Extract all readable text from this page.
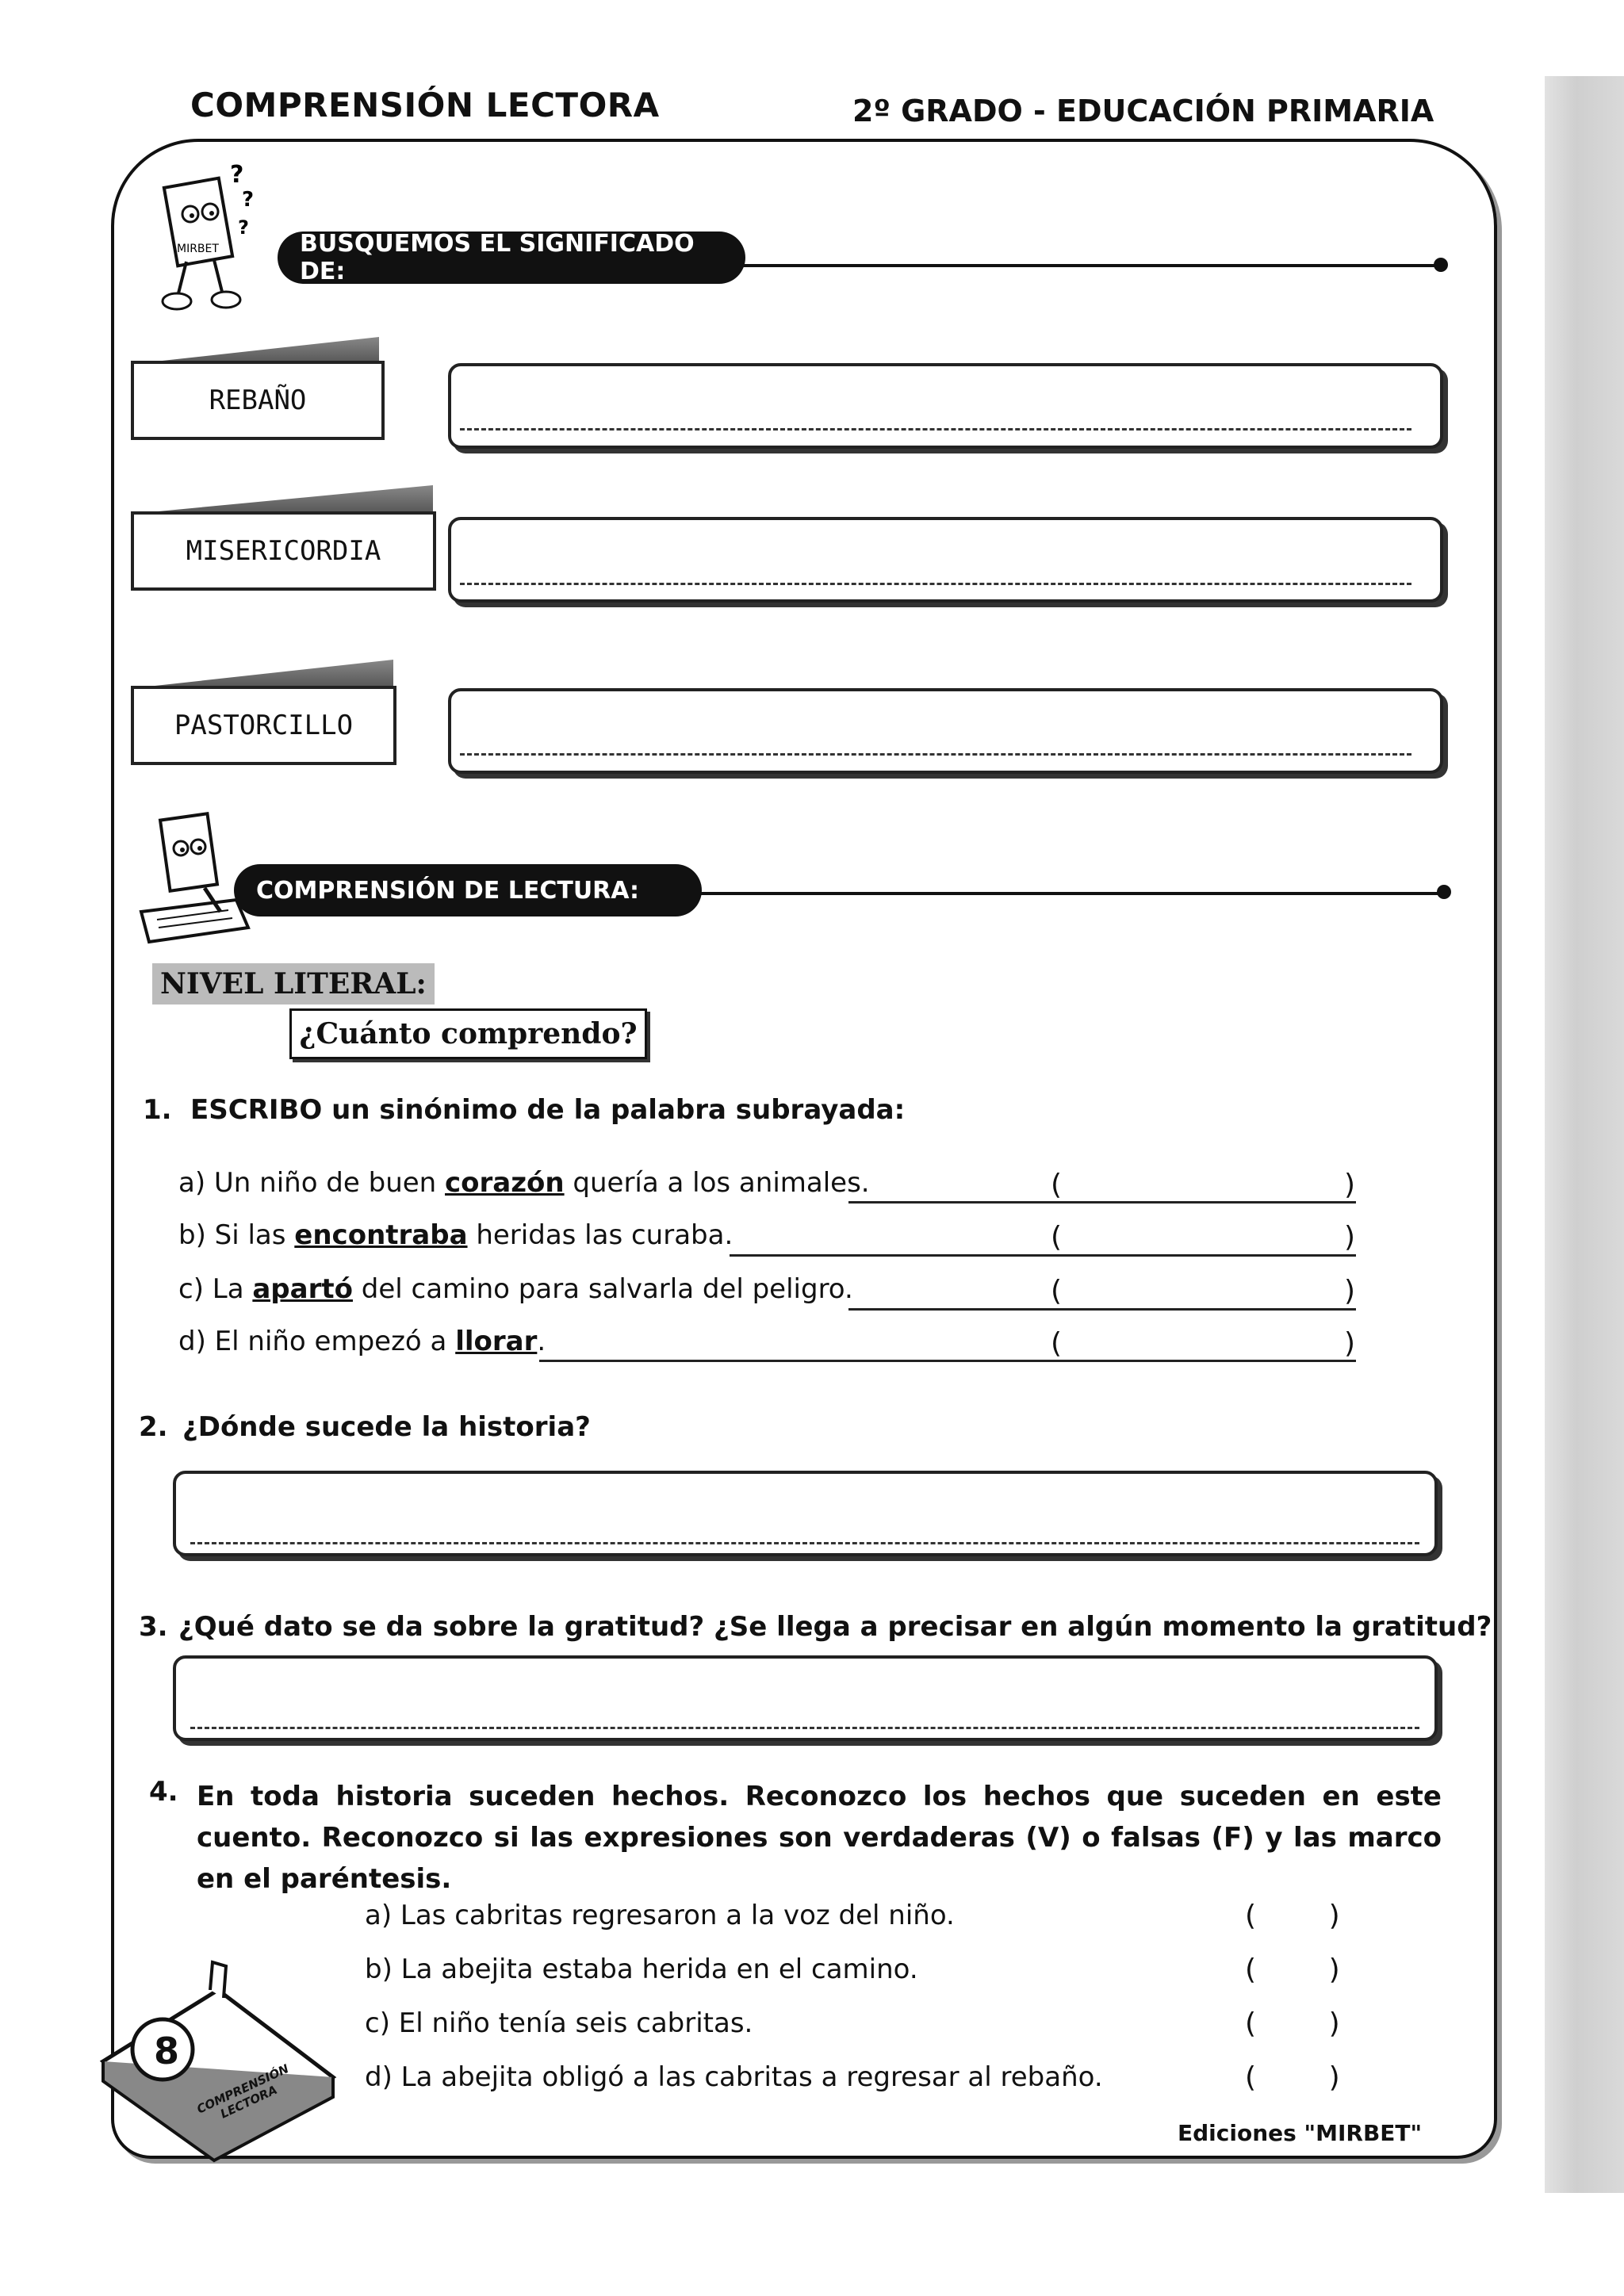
COMPRENSIÓN LECTORA	2º GRADO - EDUCACIÓN PRIMARIA
?
?
?
MIRBET	BUSQUEMOS EL SIGNIFICADO DE:
REBAÑO
MISERICORDIA
PASTORCILLO
COMPRENSIÓN DE LECTURA:
NIVEL LITERAL:
¿Cuánto comprendo?
1. ESCRIBO un sinónimo de la palabra subrayada:
a) Un niño de buen corazón quería a los animales.	(	)
b) Si las encontraba heridas las curaba.	(	)
c) La apartó del camino para salvarla del peligro.	(	)
d) El niño empezó a llorar.	(	)
2. ¿Dónde sucede la historia?
3. ¿Qué dato se da sobre la gratitud? ¿Se llega a precisar en algún momento la gratitud?
4. En toda historia suceden hechos. Reconozco los hechos que suceden en este cuento. Reconozco si las expresiones son verdaderas (V) o falsas (F) y las marco en el paréntesis.
a) Las cabritas regresaron a la voz del niño.	(        )
b) La abejita estaba herida en el camino.	(        )
c) El niño tenía seis cabritas.	(        )
d) La abejita obligó a las cabritas a regresar al rebaño.	(        )
8
COMPRENSIÓN LECTORA
Ediciones "MIRBET"
